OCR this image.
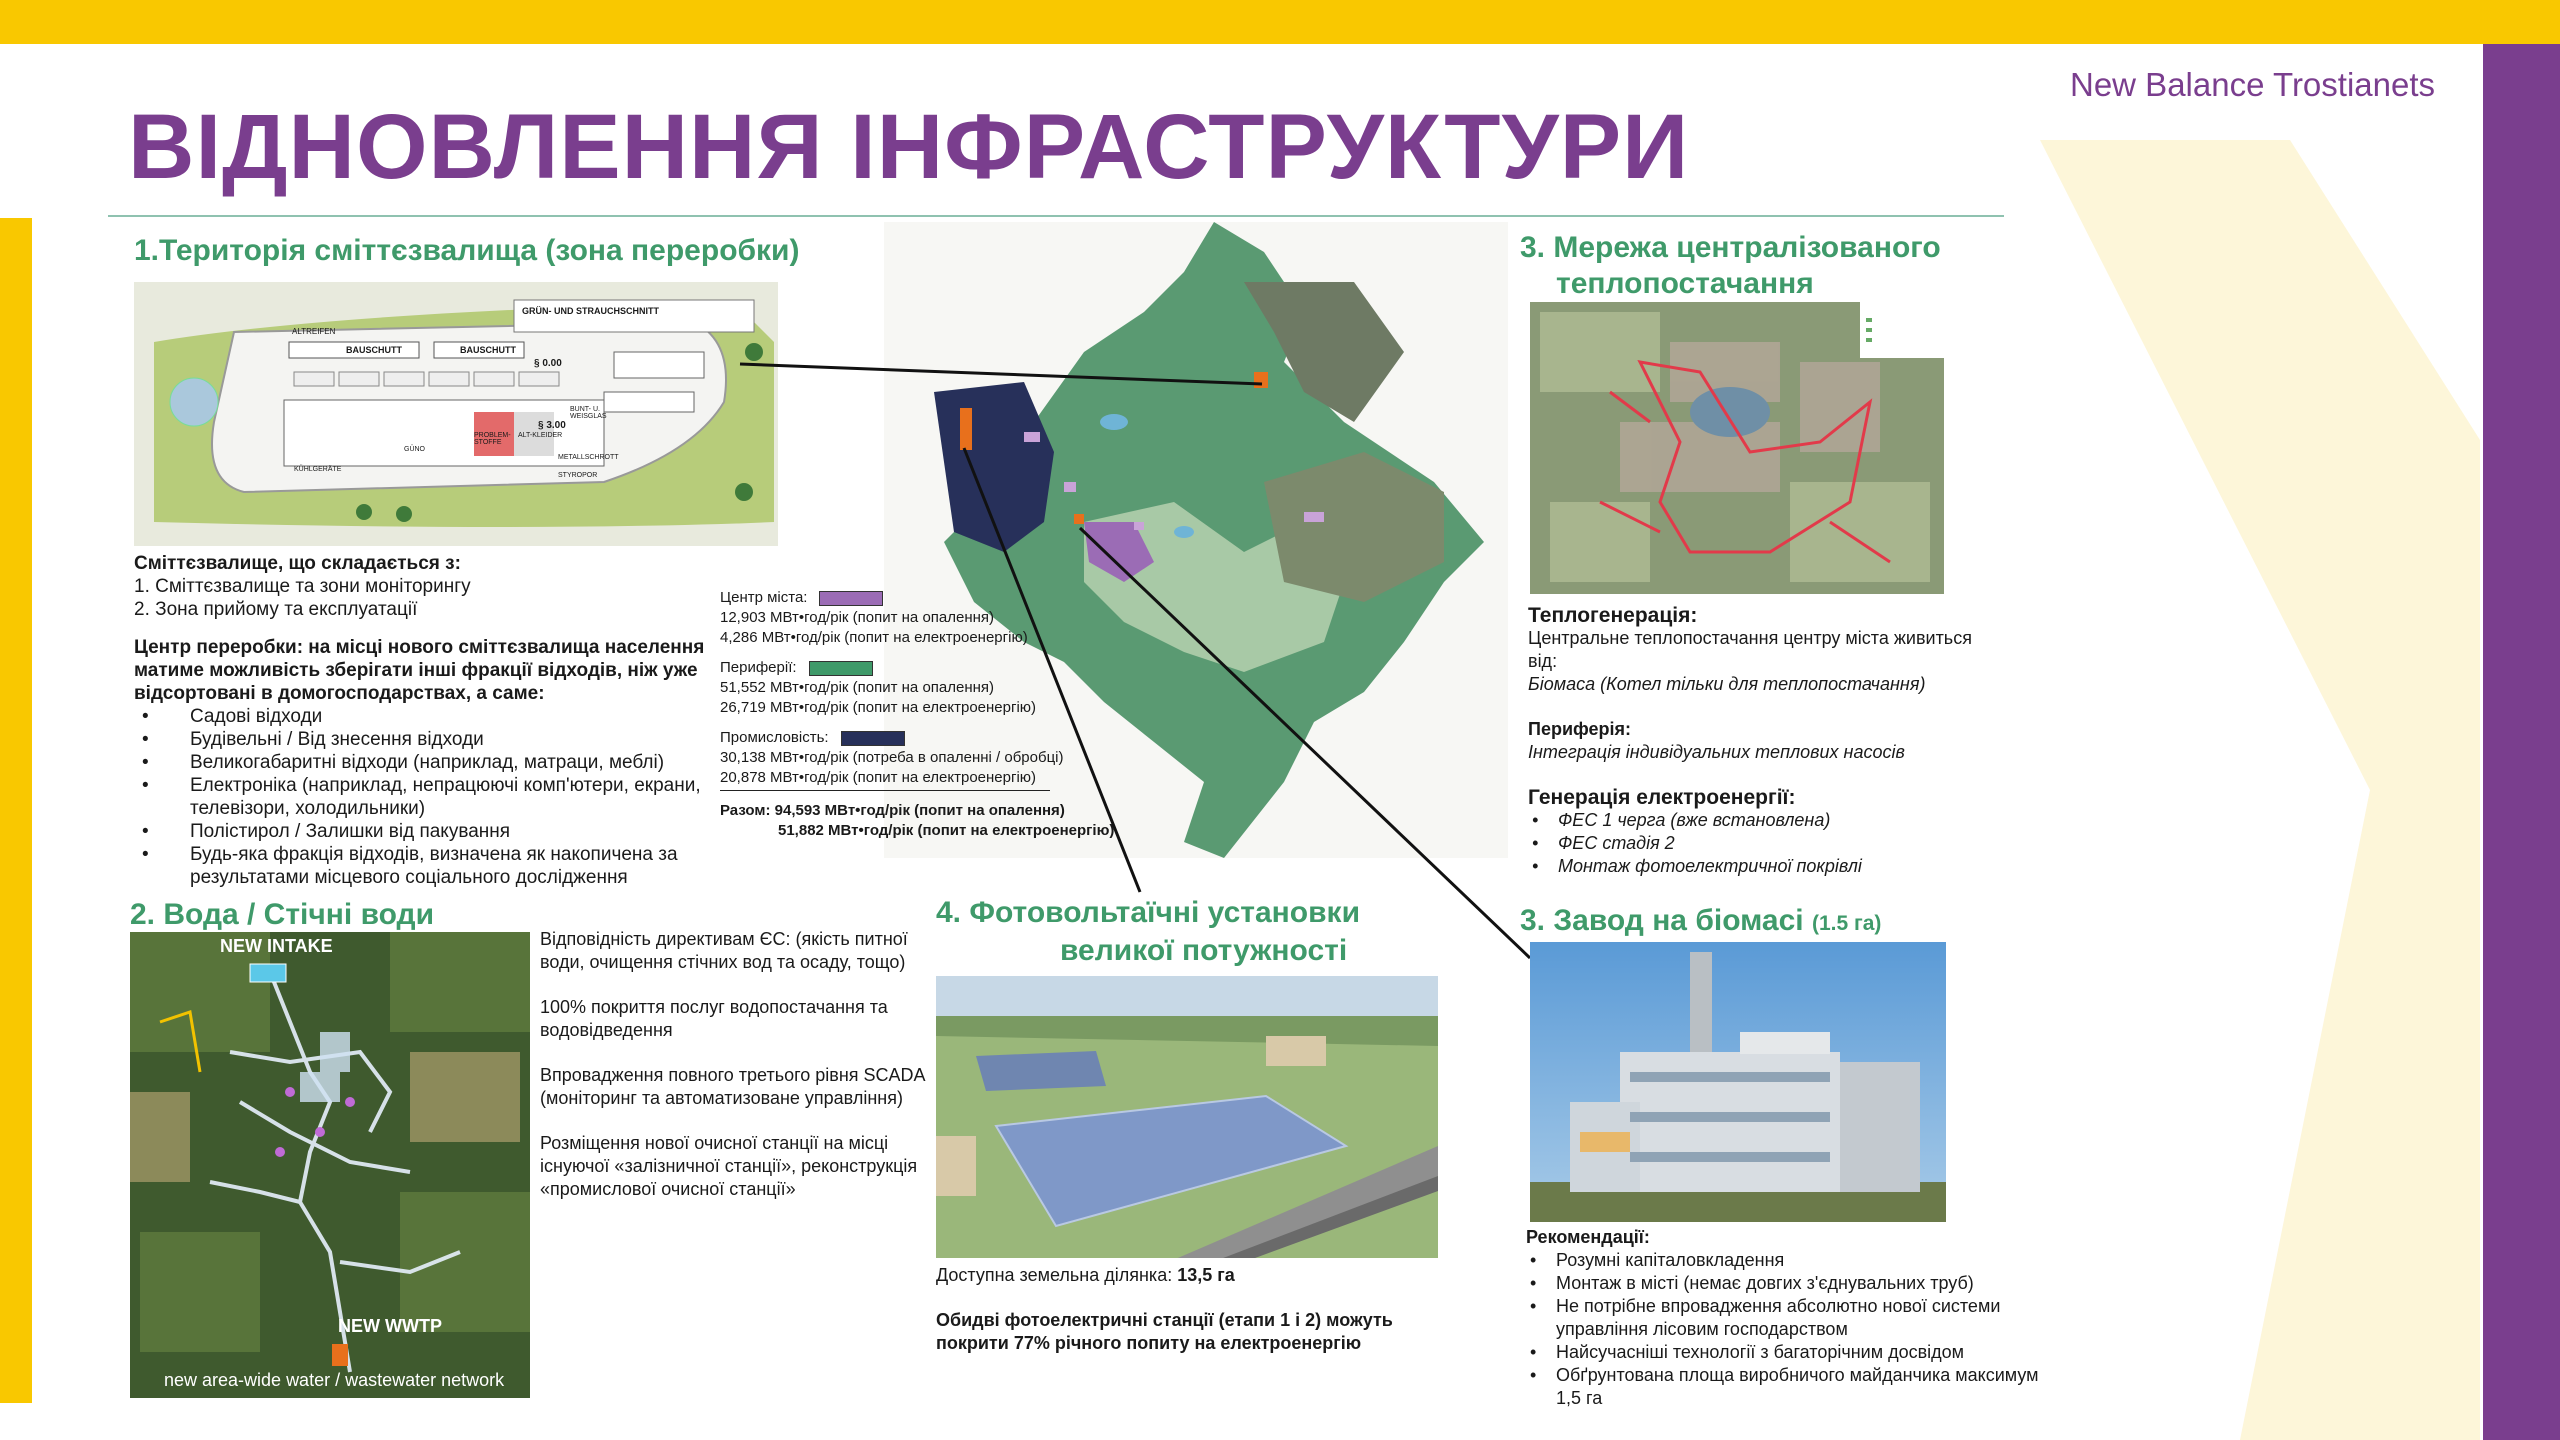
New Balance Trostianets
ВІДНОВЛЕННЯ ІНФРАСТРУКТУРИ
1.Територія сміттєзвалища (зона переробки)
GRÜN- UND STRAUCHSCHNITT
BAUSCHUTT	BAUSCHUTT
ALTREIFEN
§ 0.00
§ 3.00
ALT-KLEIDER
BUNT- U. WEISGLAS
METALLSCHROTT
PROBLEM-STOFFE
GÜNO
KÜHLGERÄTE
STYROPOR
Сміттєзвалище, що складається з:
1. Сміттєзвалище та зони моніторингу
2. Зона прийому та експлуатації
Центр переробки: на місці нового сміттєзвалища населення матиме можливість зберігати інші фракції відходів, ніж уже відсортовані в домогосподарствах, а саме:
• Садові відходи
• Будівельні / Від знесення відходи
• Великогабаритні відходи (наприклад, матраци, меблі)
• Електроніка (наприклад, непрацюючі комп'ютери, екрани, телевізори, холодильники)
• Полістирол / Залишки від пакування
• Будь-яка фракція відходів, визначена як накопичена за результатами місцевого соціального дослідження
Центр міста:
12,903 МВт•год/рік (попит на опалення)
4,286 МВт•год/рік (попит на електроенергію)
Периферії:
51,552 МВт•год/рік (попит на опалення)
26,719 МВт•год/рік (попит на електроенергію)
Промисловість:
30,138 МВт•год/рік (потреба в опаленні / обробці)
20,878 МВт•год/рік (попит на електроенергію)
Разом: 94,593 МВт•год/рік (попит на опалення)
51,882 МВт•год/рік (попит на електроенергію)
3. Мережа централізованого
теплопостачання
Теплогенерація:
Центральне теплопостачання центру міста живиться від:
Біомаса (Котел тільки для теплопостачання)
Периферія:
Інтеграція індивідуальних теплових насосів
Генерація електроенергії:
• ФЕС 1 черга (вже встановлена)
• ФЕС стадія 2
• Монтаж фотоелектричної покрівлі
3. Завод на біомасі (1.5 га)
Рекомендації:
• Розумні капіталовкладення
• Монтаж в місті (немає довгих з'єднувальних труб)
• Не потрібне впровадження абсолютно нової системи управління лісовим господарством
• Найсучасніші технології з багаторічним досвідом
• Обґрунтована площа виробничого майданчика максимум 1,5 га
2. Вода / Стічні води
NEW INTAKE
NEW WWTP
new area-wide water / wastewater network

Відповідність директивам ЄС: (якість питної води, очищення стічних вод та осаду, тощо)

100% покриття послуг водопостачання та водовідведення

Впровадження повного третього рівня SCADA (моніторинг та автоматизоване управління)

Розміщення нової очисної станції на місці існуючої «залізничної станції», реконструкція «промислової очисної станції»

4. Фотовольтаїчні установки
великої потужності
Доступна земельна ділянка: 13,5 га
Обидві фотоелектричні станції (етапи 1 і 2) можуть покрити 77% річного попиту на електроенергію
